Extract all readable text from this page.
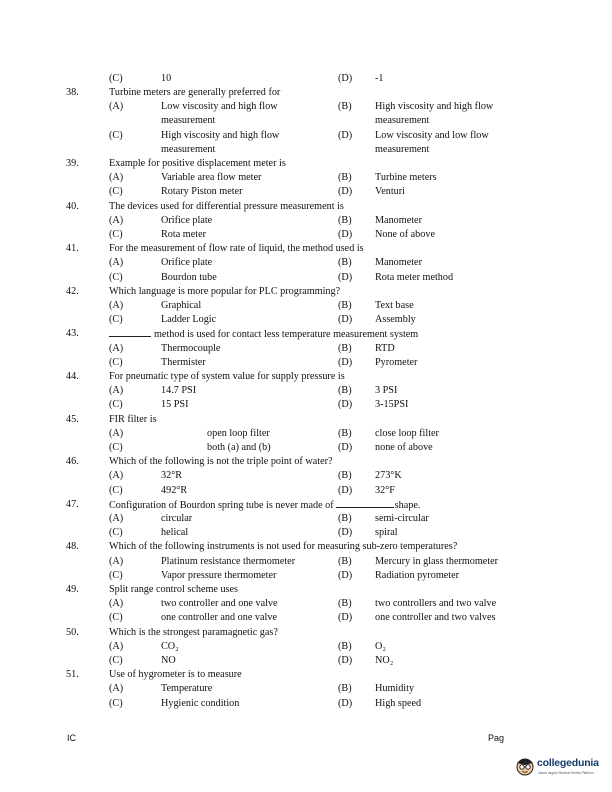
(C)	10	(D) -1
38.	Turbine meters are generally preferred for
(A)	Low viscosity and high flow	(B) High viscosity and high flow
measurement	measurement
(C)	High viscosity and high flow	(D) Low viscosity and low flow
measurement	measurement
39.	Example for positive displacement meter is
(A)	Variable area flow meter	(B) Turbine meters
(C)	Rotary Piston meter	(D) Venturi
40.	The devices used for differential pressure measurement is
(A)	Orifice plate	(B) Manometer
(C)	Rota meter	(D) None of above
41.	For the measurement of flow rate of liquid, the method used is
(A)	Orifice plate	(B) Manometer
(C)	Bourdon tube	(D) Rota meter method
42.	Which language is more popular for PLC programming?
(A)	Graphical	(B) Text base
(C)	Ladder Logic	(D) Assembly
43.	method is used for contact less temperature measurement system
(A)	Thermocouple	(B) RTD
(C)	Thermister	(D) Pyrometer
44.	For pneumatic type of system value for supply pressure is
(A)	14.7 PSI	(B) 3 PSI
(C)	15 PSI	(D) 3-15PSI
45.	FIR filter is
(A)	open loop filter	(B) close loop filter
(C)	both (a) and (b)	(D) none of above
46.	Which of the following is not the triple point of water?
(A)	32°R	(B) 273°K
(C)	492°R	(D) 32°F
47.	Configuration of Bourdon spring tube is never made of	shape.
(A)	circular	(B) semi-circular
(C)	helical	(D) spiral
48.	Which of the following instruments is not used for measuring sub-zero temperatures?
(A)	Platinum resistance thermometer	(B) Mercury in glass thermometer
(C)	Vapor pressure thermometer	(D) Radiation pyrometer
49.	Split range control scheme uses
(A)	two controller and one valve	(B) two controllers and two valve
(C)	one controller and one valve	(D) one controller and two valves
50.	Which is the strongest paramagnetic gas?
(A)	CO₂	(B) O₂
(C)	NO	(D) NO₂
51.	Use of hygrometer is to measure
(A)	Temperature	(B) Humidity
(C)	Hygienic condition	(D) High speed
IC	Pag
collegedunia
India's largest Student Review Platform
